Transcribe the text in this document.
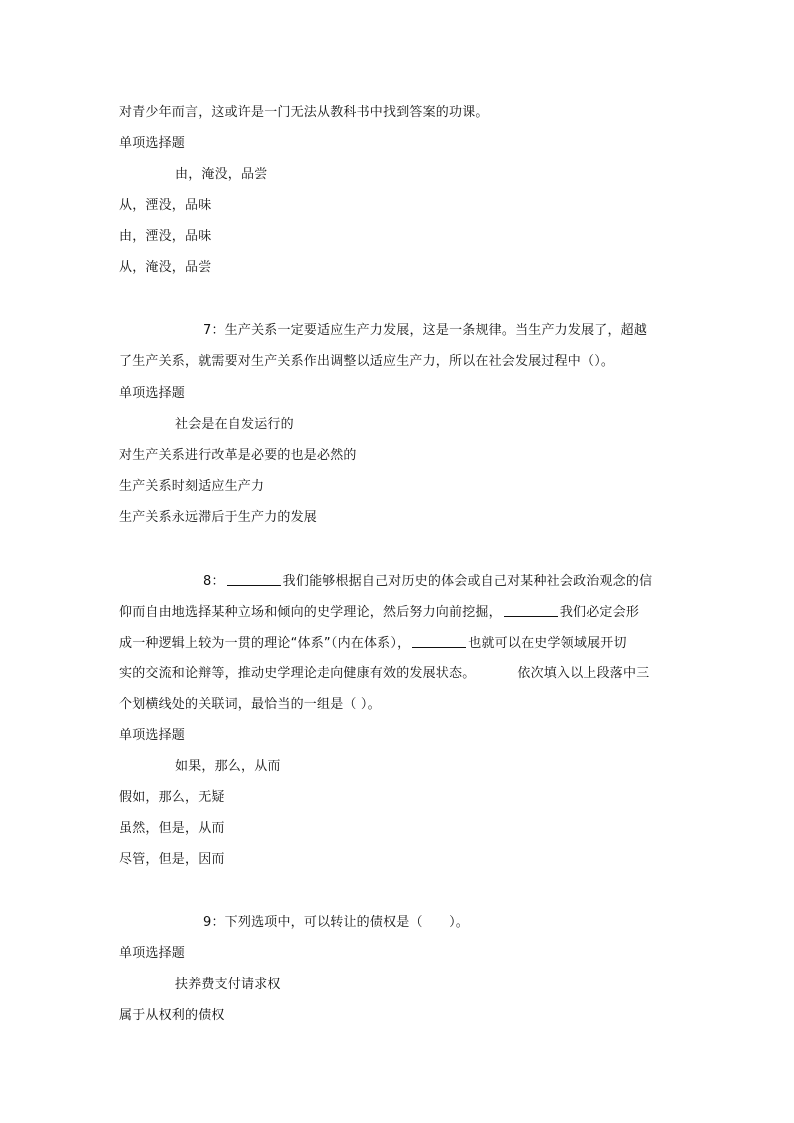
对青少年而言，这或许是一门无法从教科书中找到答案的功课。
单项选择题
由，淹没，品尝
从，湮没，品味
由，湮没，品味
从，淹没，品尝
7：生产关系一定要适应生产力发展，这是一条规律。当生产力发展了，超越
了生产关系，就需要对生产关系作出调整以适应生产力，所以在社会发展过程中（）。
单项选择题
社会是在自发运行的
对生产关系进行改革是必要的也是必然的
生产关系时刻适应生产力
生产关系永远滞后于生产力的发展
8：	我们能够根据自己对历史的体会或自己对某种社会政治观念的信
仰而自由地选择某种立场和倾向的史学理论，然后努力向前挖掘，	我们必定会形
成一种逻辑上较为一贯的理论“体系”（内在体系），	也就可以在史学领域展开切
实的交流和论辩等，推动史学理论走向健康有效的发展状态。	依次填入以上段落中三
个划横线处的关联词，最恰当的一组是（ ）。
单项选择题
如果，那么，从而
假如，那么，无疑
虽然，但是，从而
尽管，但是，因而
9：下列选项中，可以转让的债权是（　　）。
单项选择题
扶养费支付请求权
属于从权利的债权
